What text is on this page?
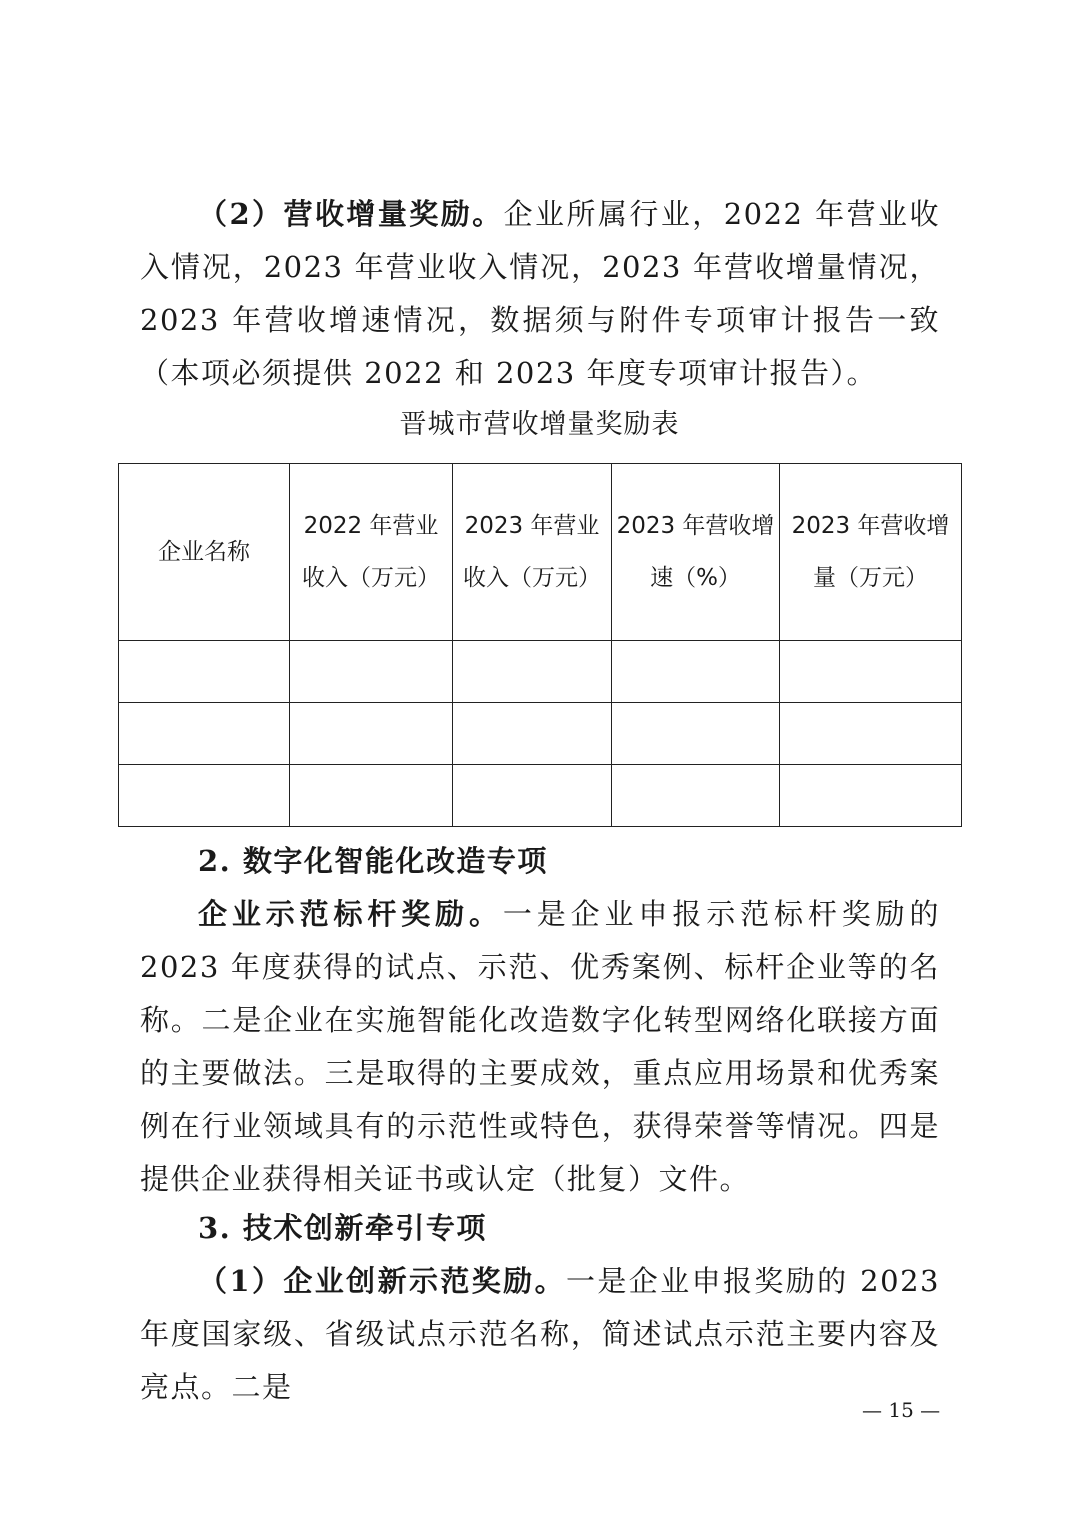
（2）营收增量奖励。企业所属行业，2022 年营业收入情况，2023 年营业收入情况，2023 年营收增量情况，2023 年营收增速情况，数据须与附件专项审计报告一致（本项必须提供 2022 和 2023 年度专项审计报告）。

晋城市营收增量奖励表

企业名称	2022 年营业收入（万元）	2023 年营业收入（万元）	2023 年营收增速（%）	2023 年营收增量（万元）

2. 数字化智能化改造专项

企业示范标杆奖励。一是企业申报示范标杆奖励的 2023 年度获得的试点、示范、优秀案例、标杆企业等的名称。二是企业在实施智能化改造数字化转型网络化联接方面的主要做法。三是取得的主要成效，重点应用场景和优秀案例在行业领域具有的示范性或特色，获得荣誉等情况。四是提供企业获得相关证书或认定（批复）文件。

3. 技术创新牵引专项

（1）企业创新示范奖励。一是企业申报奖励的 2023 年度国家级、省级试点示范名称，简述试点示范主要内容及亮点。二是

— 15 —
